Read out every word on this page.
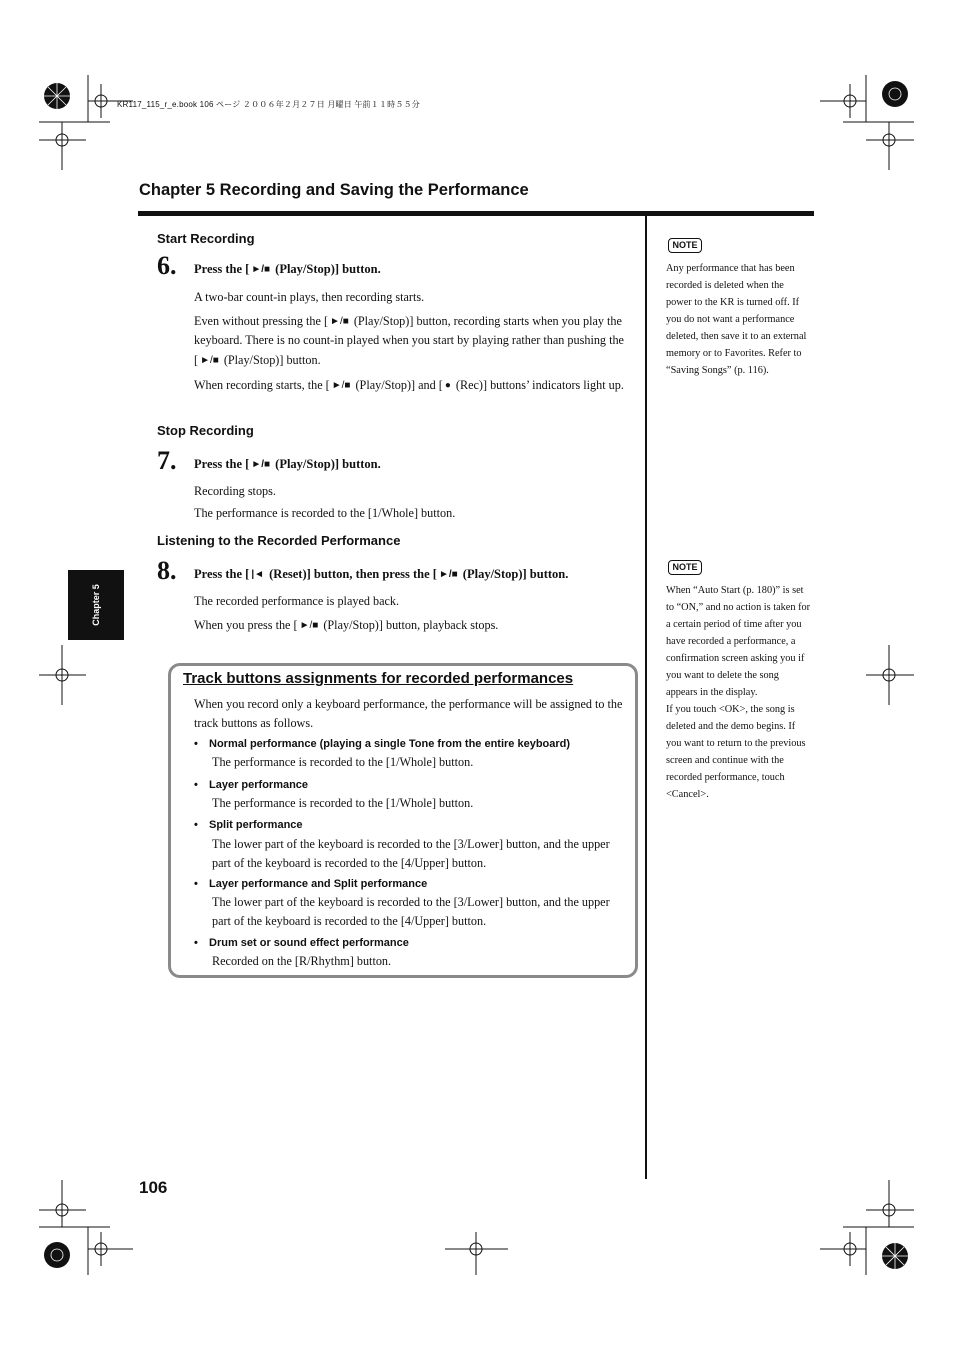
KR117_115_r_e.book 106 ページ ２００６年２月２７日 月曜日 午前１１時５５分
Chapter 5 Recording and Saving the Performance
Chapter 5
Start Recording
6. Press the [ ►/■ (Play/Stop)] button.
A two-bar count-in plays, then recording starts.
Even without pressing the [ ►/■ (Play/Stop)] button, recording starts when you play the keyboard. There is no count-in played when you start by playing rather than pushing the [ ►/■ (Play/Stop)] button.
When recording starts, the [ ►/■ (Play/Stop)] and [ ● (Rec)] buttons’ indicators light up.
Stop Recording
7. Press the [ ►/■ (Play/Stop)] button.
Recording stops.
The performance is recorded to the [1/Whole] button.
Listening to the Recorded Performance
8. Press the [ |◄ (Reset)] button, then press the [ ►/■ (Play/Stop)] button.
The recorded performance is played back.
When you press the [ ►/■ (Play/Stop)] button, playback stops.
Track buttons assignments for recorded performances
When you record only a keyboard performance, the performance will be assigned to the track buttons as follows.
• Normal performance (playing a single Tone from the entire keyboard)
The performance is recorded to the [1/Whole] button.
• Layer performance
The performance is recorded to the [1/Whole] button.
• Split performance
The lower part of the keyboard is recorded to the [3/Lower] button, and the upper part of the keyboard is recorded to the [4/Upper] button.
• Layer performance and Split performance
The lower part of the keyboard is recorded to the [3/Lower] button, and the upper part of the keyboard is recorded to the [4/Upper] button.
• Drum set or sound effect performance
Recorded on the [R/Rhythm] button.
NOTE
Any performance that has been recorded is deleted when the power to the KR is turned off. If you do not want a performance deleted, then save it to an external memory or to Favorites. Refer to “Saving Songs” (p. 116).
NOTE
When “Auto Start (p. 180)” is set to “ON,” and no action is taken for a certain period of time after you have recorded a performance, a confirmation screen asking you if you want to delete the song appears in the display.
If you touch <OK>, the song is deleted and the demo begins. If you want to return to the previous screen and continue with the recorded performance, touch <Cancel>.
106
